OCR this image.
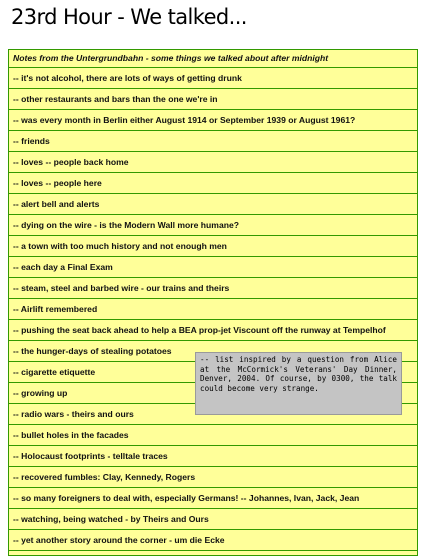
23rd Hour - We talked...
Notes from the Untergrundbahn - some things we talked about after midnight
-- it's not alcohol, there are lots of ways of getting drunk
-- other restaurants and bars than the one we're in
-- was every month in Berlin either August 1914 or September 1939 or August 1961?
-- friends
-- loves -- people back home
-- loves -- people here
-- alert bell and alerts
-- dying on the wire - is the Modern Wall more humane?
-- a town with too much history and not enough men
-- each day a Final Exam
-- steam, steel and barbed wire - our trains and theirs
-- Airlift remembered
-- pushing the seat back ahead to help a BEA prop-jet Viscount off the runway at Tempelhof
-- the hunger-days of stealing potatoes
-- cigarette etiquette
-- growing up
-- radio wars - theirs and ours
-- bullet holes in the facades
-- Holocaust footprints - telltale traces
-- recovered fumbles: Clay, Kennedy, Rogers
-- so many foreigners to deal with, especially Germans! -- Johannes, Ivan, Jack, Jean
-- watching, being watched - by Theirs and Ours
-- yet another story around the corner - um die Ecke

-- list inspired by a question from Alice at the McCormick's Veterans' Day Dinner, Denver, 2004. Of course, by 0300, the talk could become very strange.
